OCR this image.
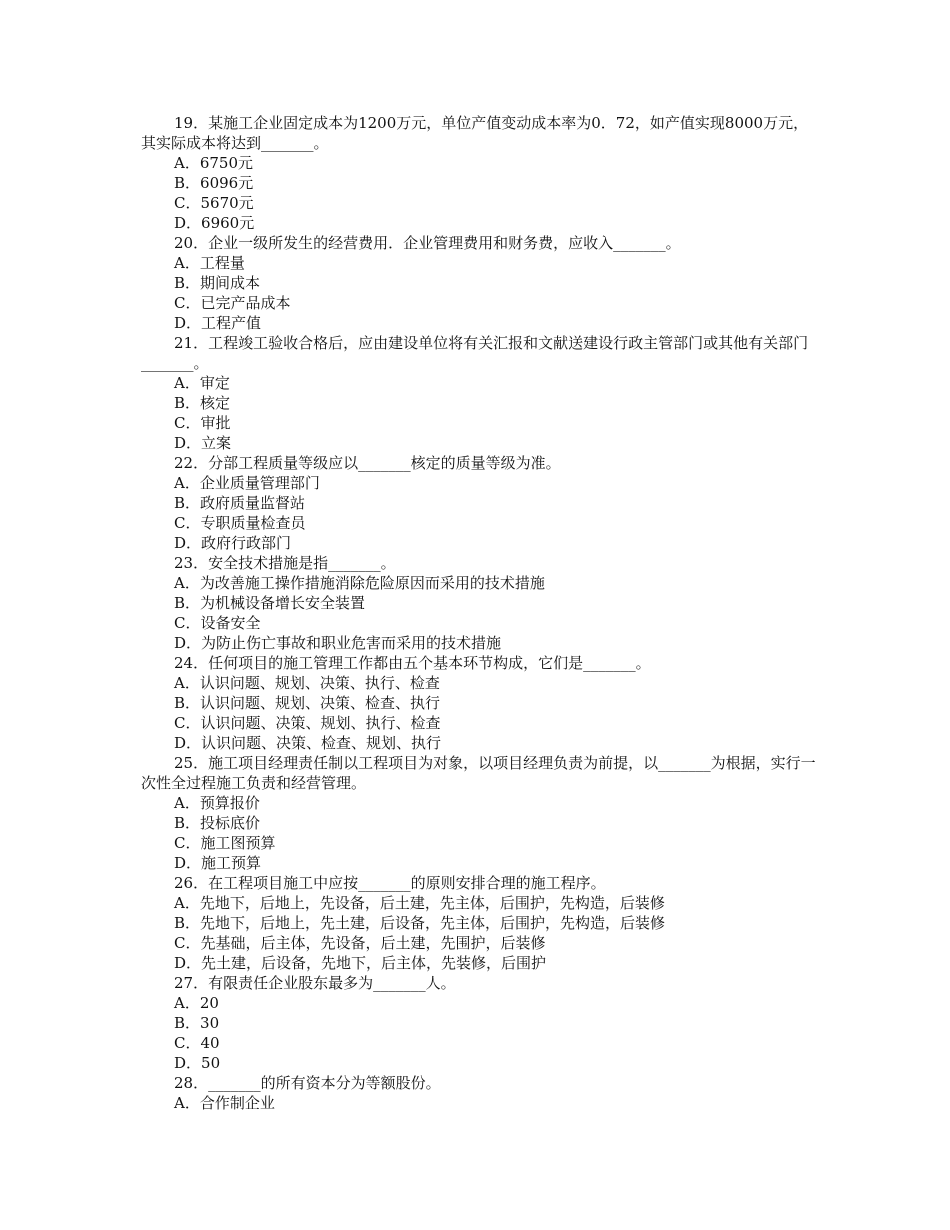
19．某施工企业固定成本为1200万元，单位产值变动成本率为0．72，如产值实现8000万元，其实际成本将达到_______。

A．6750元

B．6096元

C．5670元

D．6960元

20．企业一级所发生的经营费用．企业管理费用和财务费，应收入_______。

A．工程量

B．期间成本

C．已完产品成本

D．工程产值

21．工程竣工验收合格后，应由建设单位将有关汇报和文献送建设行政主管部门或其他有关部门_______。

A．审定

B．核定

C．审批

D．立案

22．分部工程质量等级应以_______核定的质量等级为准。

A．企业质量管理部门

B．政府质量监督站

C．专职质量检查员

D．政府行政部门

23．安全技术措施是指_______。

A．为改善施工操作措施消除危险原因而采用的技术措施

B．为机械设备增长安全装置

C．设备安全

D．为防止伤亡事故和职业危害而采用的技术措施

24．任何项目的施工管理工作都由五个基本环节构成，它们是_______。

A．认识问题、规划、决策、执行、检查

B．认识问题、规划、决策、检查、执行

C．认识问题、决策、规划、执行、检查

D．认识问题、决策、检查、规划、执行

25．施工项目经理责任制以工程项目为对象，以项目经理负责为前提，以_______为根据，实行一次性全过程施工负责和经营管理。

A．预算报价

B．投标底价

C．施工图预算

D．施工预算

26．在工程项目施工中应按_______的原则安排合理的施工程序。

A．先地下，后地上，先设备，后土建，先主体，后围护，先构造，后装修

B．先地下，后地上，先土建，后设备，先主体，后围护，先构造，后装修

C．先基础，后主体，先设备，后土建，先围护，后装修

D．先土建，后设备，先地下，后主体，先装修，后围护

27．有限责任企业股东最多为_______人。

A．20

B．30

C．40

D．50

28．_______的所有资本分为等额股份。

A．合作制企业
